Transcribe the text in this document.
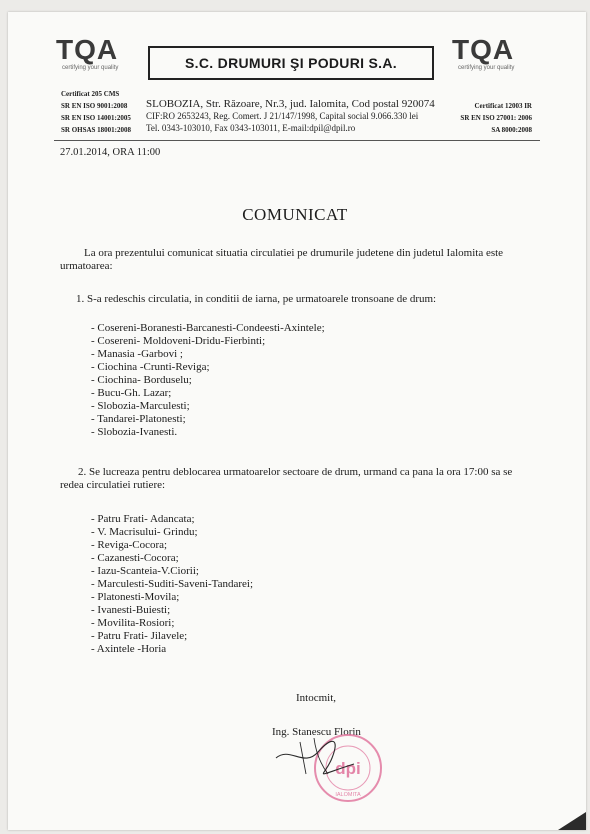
TQA
certifying your quality	S.C. DRUMURI ŞI PODURI S.A.	TQA
certifying your quality
Certificat 205 CMS
SR EN ISO 9001:2008
SR EN ISO 14001:2005
SR OHSAS 18001:2008
SLOBOZIA, Str. Răzoare, Nr.3, jud. Ialomita, Cod postal 920074
CIF:RO 2653243, Reg. Comert. J 21/147/1998, Capital social 9.066.330 lei
Tel. 0343-103010, Fax 0343-103011, E-mail:dpil@dpil.ro
Certificat 12003 IR
SR EN ISO 27001: 2006
SA 8000:2008
27.01.2014, ORA 11:00
COMUNICAT
La ora prezentului comunicat situatia circulatiei pe drumurile judetene din judetul Ialomita este urmatoarea:
1. S-a redeschis circulatia, in conditii de iarna, pe urmatoarele tronsoane de drum:
- Cosereni-Boranesti-Barcanesti-Condeesti-Axintele;
- Cosereni- Moldoveni-Dridu-Fierbinti;
- Manasia -Garbovi ;
- Ciochina -Crunti-Reviga;
- Ciochina- Borduselu;
- Bucu-Gh. Lazar;
- Slobozia-Marculesti;
- Tandarei-Platonesti;
- Slobozia-Ivanesti.
2. Se lucreaza pentru deblocarea urmatoarelor sectoare de drum, urmand ca pana la ora 17:00 sa se redea circulatiei rutiere:
- Patru Frati- Adancata;
- V. Macrisului- Grindu;
- Reviga-Cocora;
- Cazanesti-Cocora;
- Iazu-Scanteia-V.Ciorii;
- Marculesti-Suditi-Saveni-Tandarei;
- Platonesti-Movila;
- Ivanesti-Buiesti;
- Movilita-Rosiori;
- Patru Frati- Jilavele;
- Axintele -Horia
Intocmit,
Ing. Stanescu Florin
dpi
IALOMITA
